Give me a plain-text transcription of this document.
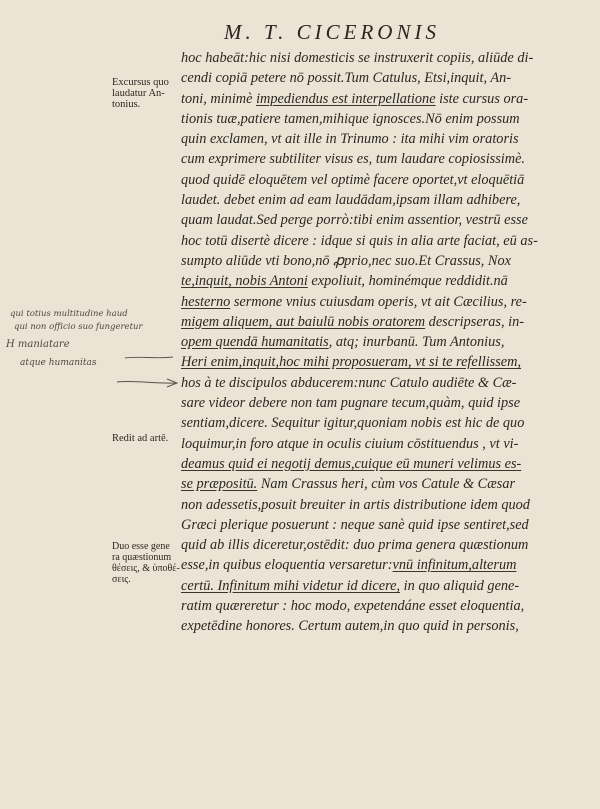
M. T. CICERONIS
Excursus quo
laudatur An-
tonius.
Redit ad artē.
Duo esse gene
ra quæstionum
θέσεις, & ὑποθέ-
σεις.
qui totius multitudine haud
qui non officio suo fungeretur
H maniatare
atque humanitas
hoc habeāt:hic nisi domesticis se instruxerit copiis, aliūde di-
cendi copiā petere nō possit.Tum Catulus, Etsi,inquit, An-
toni, minimè impediendus est interpellatione iste cursus ora-
tionis tuæ,patiere tamen,mihique ignosces.Nō enim possum
quin exclamen, vt ait ille in Trinumo : ita mihi vim oratoris
cum exprimere subtiliter visus es, tum laudare copiosissimè.
quod quidē eloquētem vel optimè facere oportet,vt eloquētiā
laudet. debet enim ad eam laudādam,ipsam illam adhibere,
quam laudat.Sed perge porrò:tibi enim assentior, vestrū esse
hoc totū disertè dicere : idque si quis in alia arte faciat, eū as-
sumpto aliūde vti bono,nō ꝓprio,nec suo.Et Crassus, Nox
te,inquit, nobis Antoni expoliuit, hominémque reddidit.nā
hesterno sermone vnius cuiusdam operis, vt ait Cæcilius, re-
migem aliquem, aut baiulū nobis oratorem descripseras, in-
opem quendā humanitatis, atq; inurbanū. Tum Antonius,
Heri enim,inquit,hoc mihi proposueram, vt si te refellissem,
hos à te discipulos abducerem:nunc Catulo audiēte & Cæ-
sare videor debere non tam pugnare tecum,quàm, quid ipse
sentiam,dicere. Sequitur igitur,quoniam nobis est hic de quo
loquimur,in foro atque in oculis ciuium cōstituendus , vt vi-
deamus quid ei negotij demus,cuique eū muneri velimus es-
se præpositū. Nam Crassus heri, cùm vos Catule & Cæsar
non adessetis,posuit breuiter in artis distributione idem quod
Græci plerique posuerunt : neque sanè quid ipse sentiret,sed
quid ab illis diceretur,ostēdit: duo prima genera quæstionum
esse,in quibus eloquentia versaretur:vnū infinitum,alterum
certū. Infinitum mihi videtur id dicere, in quo aliquid gene-
ratim quæreretur : hoc modo, expetendáne esset eloquentia,
expetēdine honores. Certum autem,in quo quid in personis,
